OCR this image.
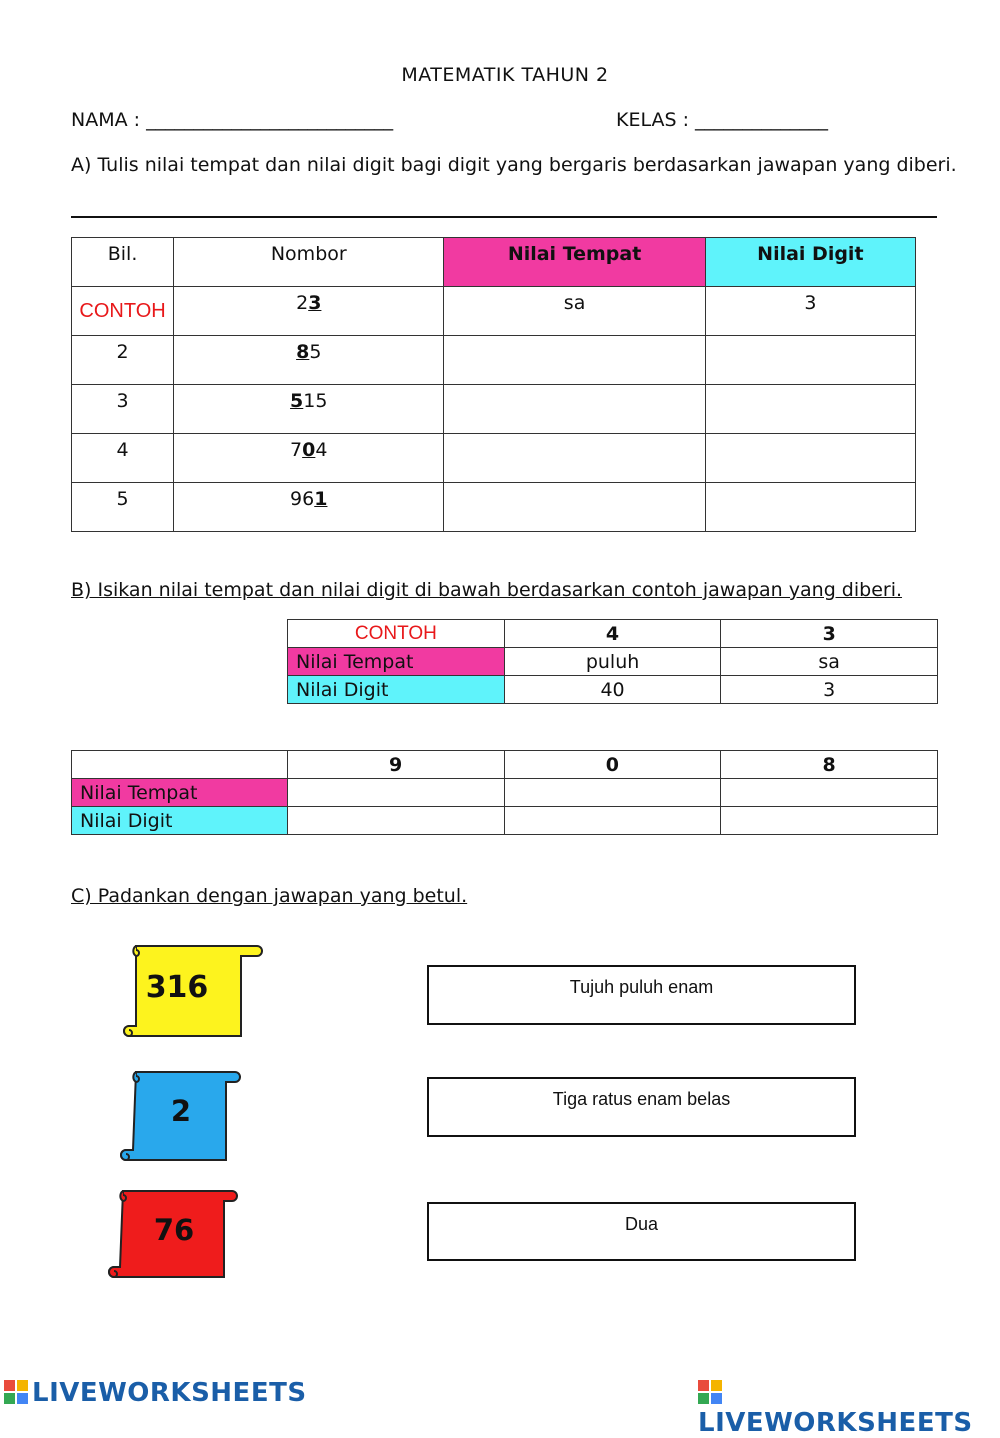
MATEMATIK TAHUN 2
NAMA : __________________________	KELAS : ______________
A) Tulis nilai tempat dan nilai digit bagi digit yang bergaris berdasarkan jawapan yang diberi.
Bil.	Nombor	Nilai Tempat	Nilai Digit
CONTOH	23	sa	3
2	85		
3	515		
4	704		
5	961		
B) Isikan nilai tempat dan nilai digit di bawah berdasarkan contoh jawapan yang diberi.
CONTOH	4	3
Nilai Tempat	puluh	sa
Nilai Digit	40	3
	9	0	8
Nilai Tempat			
Nilai Digit			
C) Padankan dengan jawapan yang betul.
316
2
76
Tujuh puluh enam
Tiga ratus enam belas
Dua
LIVEWORKSHEETS
LIVEWORKSHEETS
